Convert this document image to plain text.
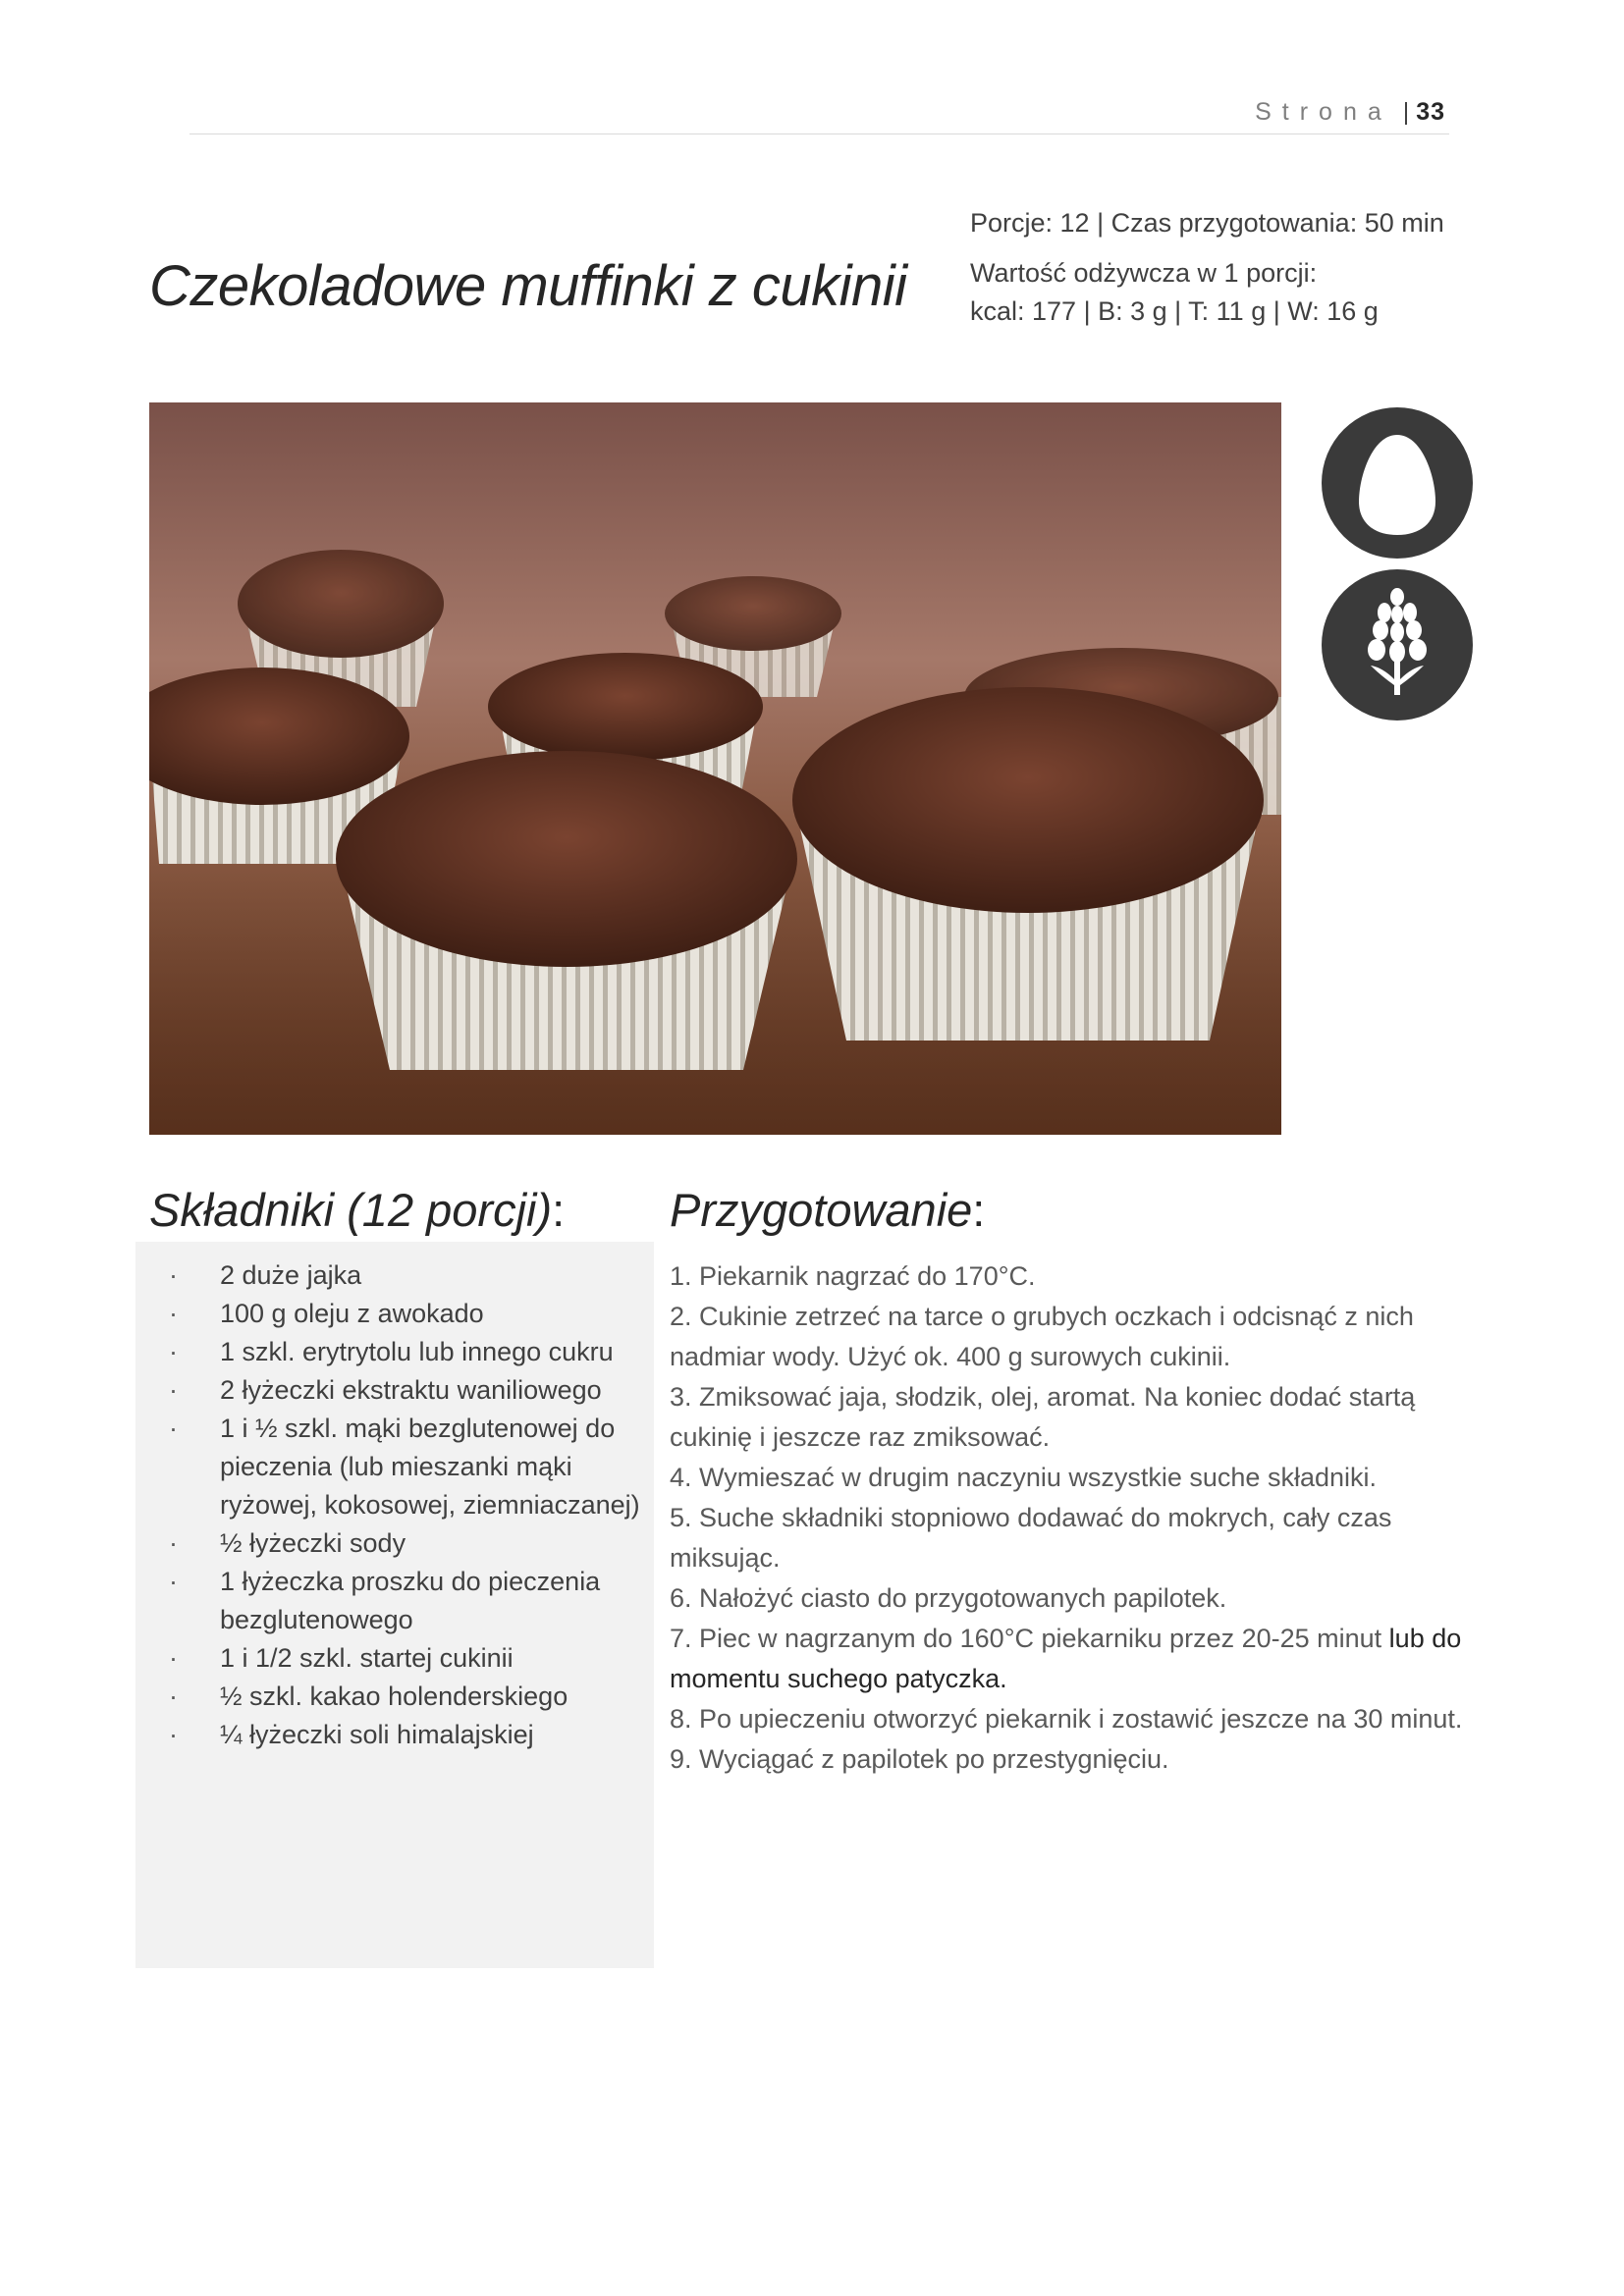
Strona | 33
Czekoladowe muffinki z cukinii
Porcje: 12 | Czas przygotowania: 50 min
Wartość odżywcza w 1 porcji:
kcal: 177 | B: 3 g | T: 11 g | W: 16 g
Składniki (12 porcji):
· 2 duże jajka
· 100 g oleju z awokado
· 1 szkl. erytrytolu lub innego cukru
· 2 łyżeczki ekstraktu waniliowego
· 1 i ½ szkl. mąki bezglutenowej do pieczenia (lub mieszanki mąki ryżowej, kokosowej, ziemniaczanej)
· ½ łyżeczki sody
· 1 łyżeczka proszku do pieczenia bezglutenowego
· 1 i 1/2 szkl. startej cukinii
· ½ szkl. kakao holenderskiego
· ¼ łyżeczki soli himalajskiej
Przygotowanie:

1. Piekarnik nagrzać do 170°C.

2. Cukinie zetrzeć na tarce o grubych oczkach i odcisnąć z nich nadmiar wody. Użyć ok. 400 g surowych cukinii.

3. Zmiksować jaja, słodzik, olej, aromat. Na koniec dodać startą cukinię i jeszcze raz zmiksować.

4. Wymieszać w drugim naczyniu wszystkie suche składniki.

5. Suche składniki stopniowo dodawać do mokrych, cały czas miksując.

6. Nałożyć ciasto do przygotowanych papilotek.

7. Piec w nagrzanym do 160°C piekarniku przez 20-25 minut lub do momentu suchego patyczka.

8. Po upieczeniu otworzyć piekarnik i zostawić jeszcze na 30 minut.

9. Wyciągać z papilotek po przestygnięciu.
